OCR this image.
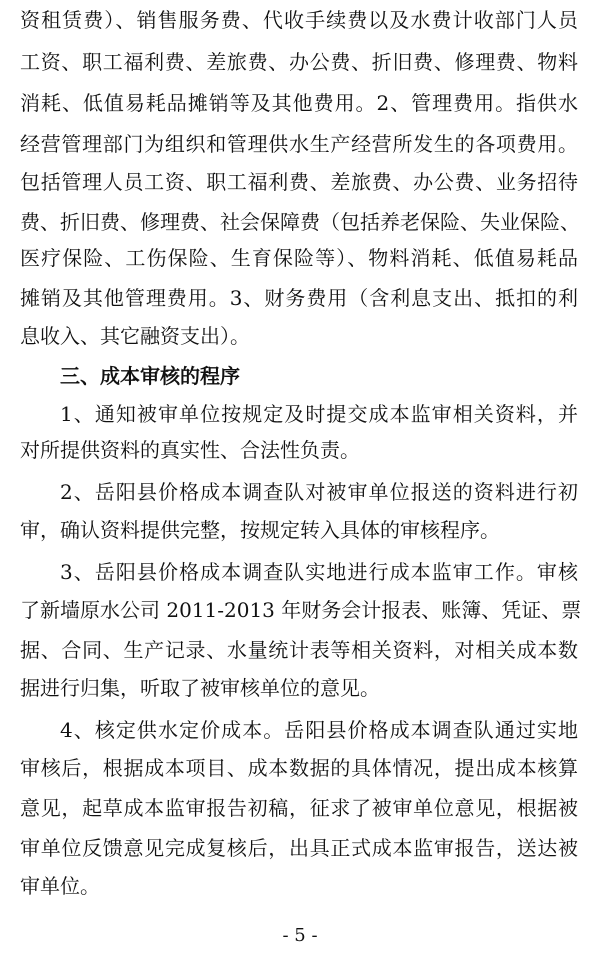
资租赁费）、销售服务费、代收手续费以及水费计收部门人员

工资、职工福利费、差旅费、办公费、折旧费、修理费、物料

消耗、低值易耗品摊销等及其他费用。2、管理费用。指供水

经营管理部门为组织和管理供水生产经营所发生的各项费用。

包括管理人员工资、职工福利费、差旅费、办公费、业务招待

费、折旧费、修理费、社会保障费（包括养老保险、失业保险、

医疗保险、工伤保险、生育保险等）、物料消耗、低值易耗品

摊销及其他管理费用。3、财务费用（含利息支出、抵扣的利

息收入、其它融资支出）。

三、成本审核的程序

1、通知被审单位按规定及时提交成本监审相关资料，并

对所提供资料的真实性、合法性负责。

2、岳阳县价格成本调查队对被审单位报送的资料进行初

审，确认资料提供完整，按规定转入具体的审核程序。

3、岳阳县价格成本调查队实地进行成本监审工作。审核

了新墙原水公司 2011-2013 年财务会计报表、账簿、凭证、票

据、合同、生产记录、水量统计表等相关资料，对相关成本数

据进行归集，听取了被审核单位的意见。

4、核定供水定价成本。岳阳县价格成本调查队通过实地

审核后，根据成本项目、成本数据的具体情况，提出成本核算

意见，起草成本监审报告初稿，征求了被审单位意见，根据被

审单位反馈意见完成复核后，出具正式成本监审报告，送达被

审单位。

- 5 -
